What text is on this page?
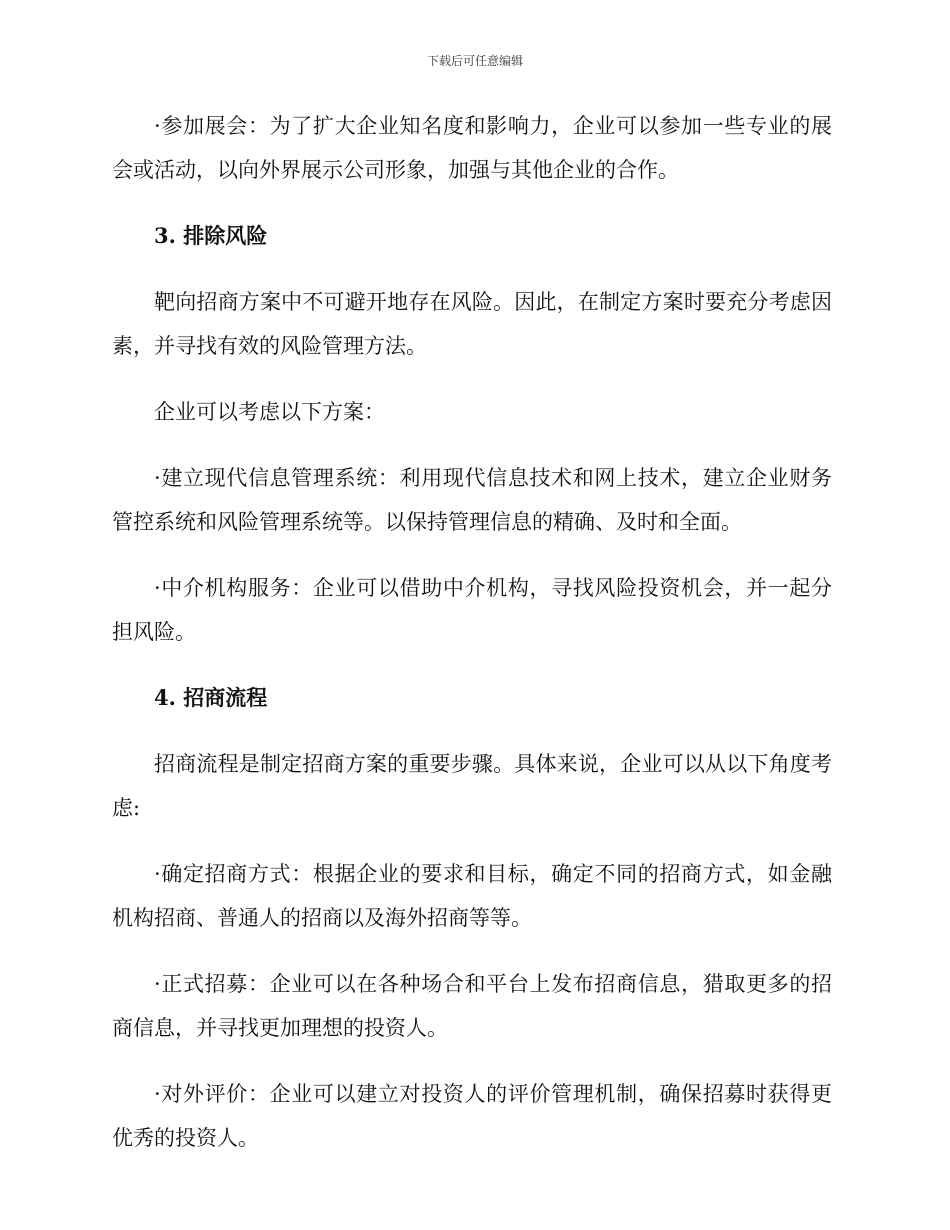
下载后可任意编辑

·参加展会：为了扩大企业知名度和影响力，企业可以参加一些专业的展会或活动，以向外界展示公司形象，加强与其他企业的合作。

3. 排除风险

靶向招商方案中不可避开地存在风险。因此，在制定方案时要充分考虑因素，并寻找有效的风险管理方法。

企业可以考虑以下方案：

·建立现代信息管理系统：利用现代信息技术和网上技术，建立企业财务管控系统和风险管理系统等。以保持管理信息的精确、及时和全面。

·中介机构服务：企业可以借助中介机构，寻找风险投资机会，并一起分担风险。

4. 招商流程

招商流程是制定招商方案的重要步骤。具体来说，企业可以从以下角度考虑:

·确定招商方式：根据企业的要求和目标，确定不同的招商方式，如金融机构招商、普通人的招商以及海外招商等等。

·正式招募：企业可以在各种场合和平台上发布招商信息，猎取更多的招商信息，并寻找更加理想的投资人。

·对外评价：企业可以建立对投资人的评价管理机制，确保招募时获得更优秀的投资人。
